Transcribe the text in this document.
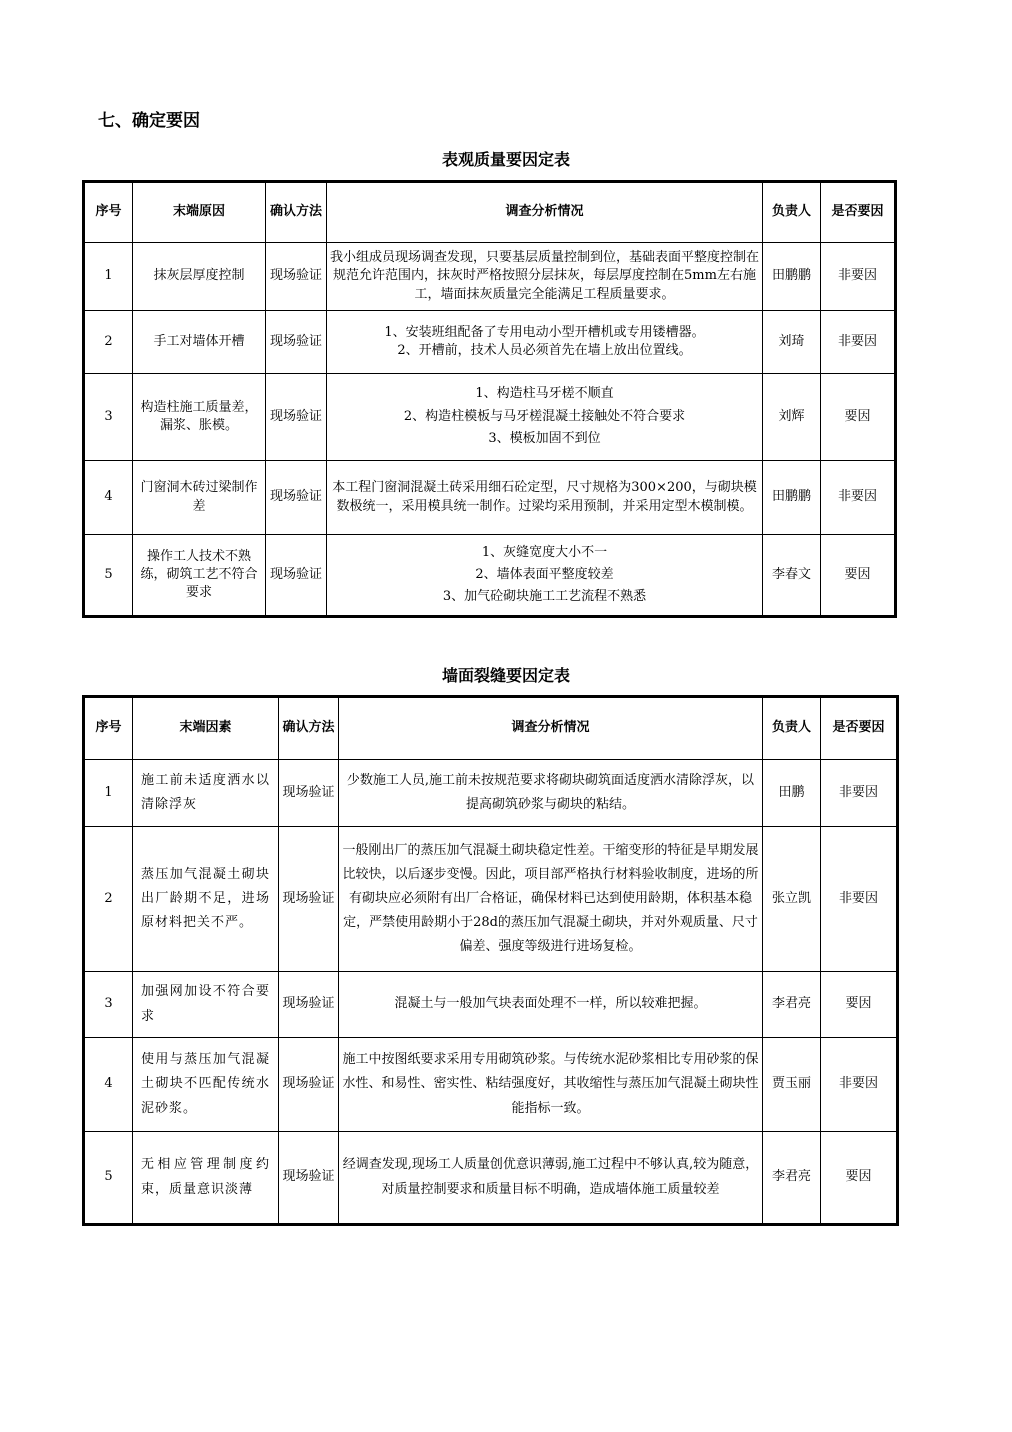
七、确定要因
表观质量要因定表
序号	末端原因	确认方法	调查分析情况	负责人	是否要因
1	抹灰层厚度控制	现场验证	我小组成员现场调查发现，只要基层质量控制到位，基础表面平整度控制在规范允许范围内，抹灰时严格按照分层抹灰，每层厚度控制在5mm左右施工，墙面抹灰质量完全能满足工程质量要求。	田鹏鹏	非要因
2	手工对墙体开槽	现场验证	1、安装班组配备了专用电动小型开槽机或专用镂槽器。
2、开槽前，技术人员必须首先在墙上放出位置线。	刘琦	非要因
3	构造柱施工质量差，漏浆、胀模。	现场验证	1、构造柱马牙槎不顺直
2、构造柱模板与马牙槎混凝土接触处不符合要求
3、模板加固不到位	刘辉	要因
4	门窗洞木砖过梁制作差	现场验证	本工程门窗洞混凝土砖采用细石砼定型，尺寸规格为300×200，与砌块模数极统一，采用模具统一制作。过梁均采用预制，并采用定型木模制模。	田鹏鹏	非要因
5	操作工人技术不熟练，砌筑工艺不符合要求	现场验证	1、灰缝宽度大小不一
2、墙体表面平整度较差
3、加气砼砌块施工工艺流程不熟悉	李春文	要因
墙面裂缝要因定表
序号	末端因素	确认方法	调查分析情况	负责人	是否要因
1	施工前未适度洒水以清除浮灰	现场验证	少数施工人员,施工前未按规范要求将砌块砌筑面适度洒水清除浮灰，以提高砌筑砂浆与砌块的粘结。	田鹏	非要因
2	蒸压加气混凝土砌块出厂龄期不足，进场原材料把关不严。	现场验证	一般刚出厂的蒸压加气混凝土砌块稳定性差。干缩变形的特征是早期发展比较快，以后逐步变慢。因此，项目部严格执行材料验收制度，进场的所有砌块应必须附有出厂合格证，确保材料已达到使用龄期，体积基本稳定，严禁使用龄期小于28d的蒸压加气混凝土砌块，并对外观质量、尺寸偏差、强度等级进行进场复检。	张立凯	非要因
3	加强网加设不符合要求	现场验证	混凝土与一般加气块表面处理不一样，所以较难把握。	李君亮	要因
4	使用与蒸压加气混凝土砌块不匹配传统水泥砂浆。	现场验证	施工中按图纸要求采用专用砌筑砂浆。与传统水泥砂浆相比专用砂浆的保水性、和易性、密实性、粘结强度好，其收缩性与蒸压加气混凝土砌块性能指标一致。	贾玉丽	非要因
5	无相应管理制度约束，质量意识淡薄	现场验证	经调查发现,现场工人质量创优意识薄弱,施工过程中不够认真,较为随意，对质量控制要求和质量目标不明确，造成墙体施工质量较差	李君亮	要因
